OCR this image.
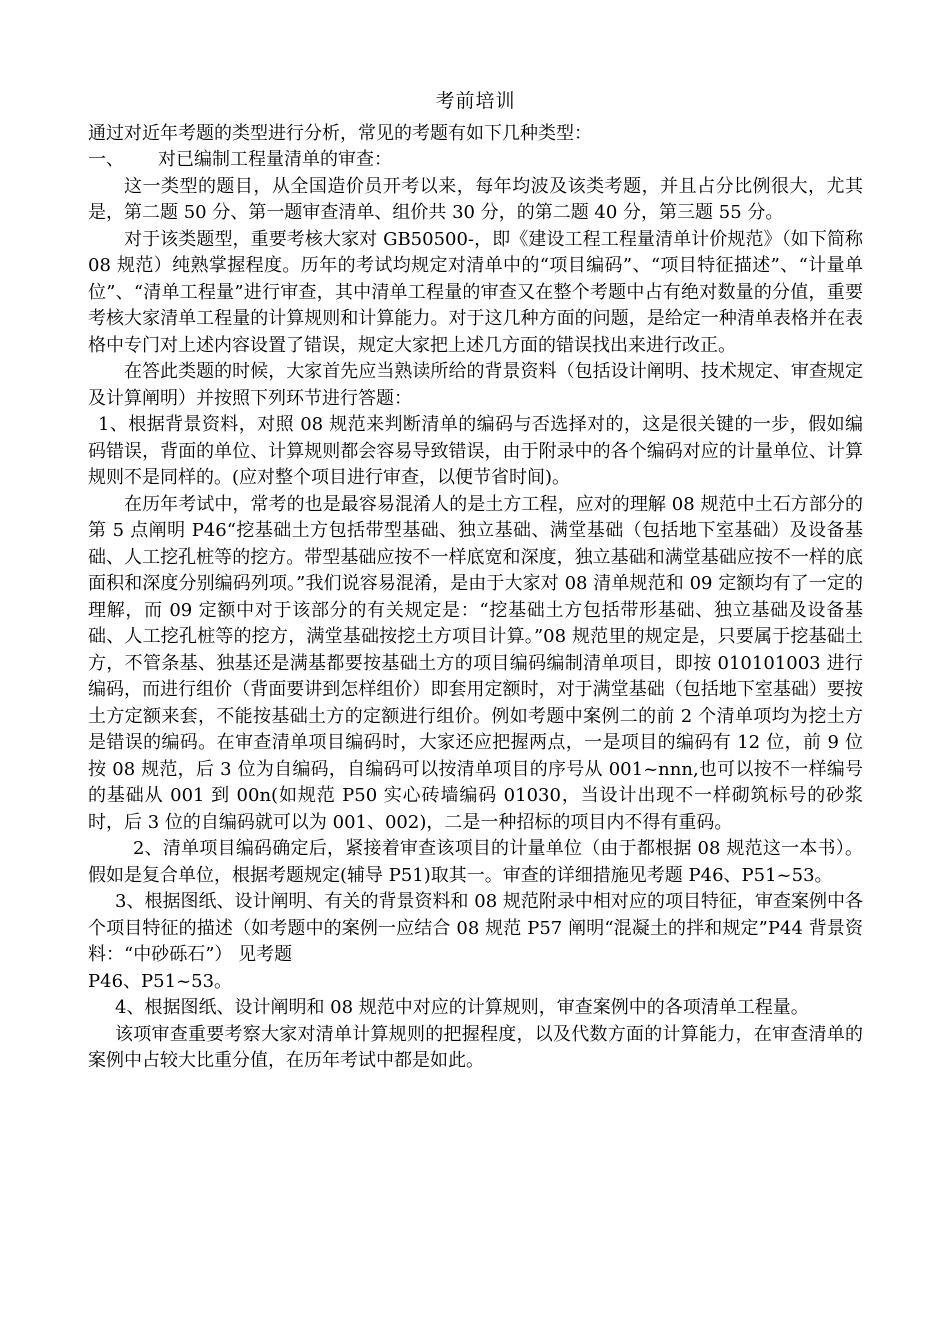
考前培训

通过对近年考题的类型进行分析，常见的考题有如下几种类型：

一、	对已编制工程量清单的审查：

这一类型的题目，从全国造价员开考以来，每年均波及该类考题，并且占分比例很大，尤其是，第二题 50 分、第一题审查清单、组价共 30 分，的第二题 40 分，第三题 55 分。

对于该类题型，重要考核大家对 GB50500-，即《建设工程工程量清单计价规范》（如下简称 08 规范）纯熟掌握程度。历年的考试均规定对清单中的“项目编码”、“项目特征描述”、“计量单位”、“清单工程量”进行审查，其中清单工程量的审查又在整个考题中占有绝对数量的分值，重要考核大家清单工程量的计算规则和计算能力。对于这几种方面的问题，是给定一种清单表格并在表格中专门对上述内容设置了错误，规定大家把上述几方面的错误找出来进行改正。

在答此类题的时候，大家首先应当熟读所给的背景资料（包括设计阐明、技术规定、审查规定及计算阐明）并按照下列环节进行答题：

1、根据背景资料，对照 08 规范来判断清单的编码与否选择对的，这是很关键的一步，假如编码错误，背面的单位、计算规则都会容易导致错误，由于附录中的各个编码对应的计量单位、计算规则不是同样的。(应对整个项目进行审查，以便节省时间)。

在历年考试中，常考的也是最容易混淆人的是土方工程，应对的理解 08 规范中土石方部分的第 5 点阐明 P46“挖基础土方包括带型基础、独立基础、满堂基础（包括地下室基础）及设备基础、人工挖孔桩等的挖方。带型基础应按不一样底宽和深度，独立基础和满堂基础应按不一样的底面积和深度分别编码列项。”我们说容易混淆，是由于大家对 08 清单规范和 09 定额均有了一定的理解，而 09 定额中对于该部分的有关规定是：“挖基础土方包括带形基础、独立基础及设备基础、人工挖孔桩等的挖方，满堂基础按挖土方项目计算。”08 规范里的规定是，只要属于挖基础土方，不管条基、独基还是满基都要按基础土方的项目编码编制清单项目，即按 010101003 进行编码，而进行组价（背面要讲到怎样组价）即套用定额时，对于满堂基础（包括地下室基础）要按土方定额来套，不能按基础土方的定额进行组价。例如考题中案例二的前 2 个清单项均为挖土方是错误的编码。在审查清单项目编码时，大家还应把握两点，一是项目的编码有 12 位，前 9 位按 08 规范，后 3 位为自编码，自编码可以按清单项目的序号从 001~nnn,也可以按不一样编号的基础从 001 到 00n(如规范 P50 实心砖墙编码 01030，当设计出现不一样砌筑标号的砂浆时，后 3 位的自编码就可以为 001、002)，二是一种招标的项目内不得有重码。

2、清单项目编码确定后，紧接着审查该项目的计量单位（由于都根据 08 规范这一本书）。假如是复合单位，根据考题规定(辅导 P51)取其一。审查的详细措施见考题 P46、P51~53。

3、根据图纸、设计阐明、有关的背景资料和 08 规范附录中相对应的项目特征，审查案例中各个项目特征的描述（如考题中的案例一应结合 08 规范 P57 阐明“混凝土的拌和规定”P44 背景资料：“中砂砾石”） 见考题

P46、P51~53。

4、根据图纸、设计阐明和 08 规范中对应的计算规则，审查案例中的各项清单工程量。

该项审查重要考察大家对清单计算规则的把握程度，以及代数方面的计算能力，在审查清单的案例中占较大比重分值，在历年考试中都是如此。
